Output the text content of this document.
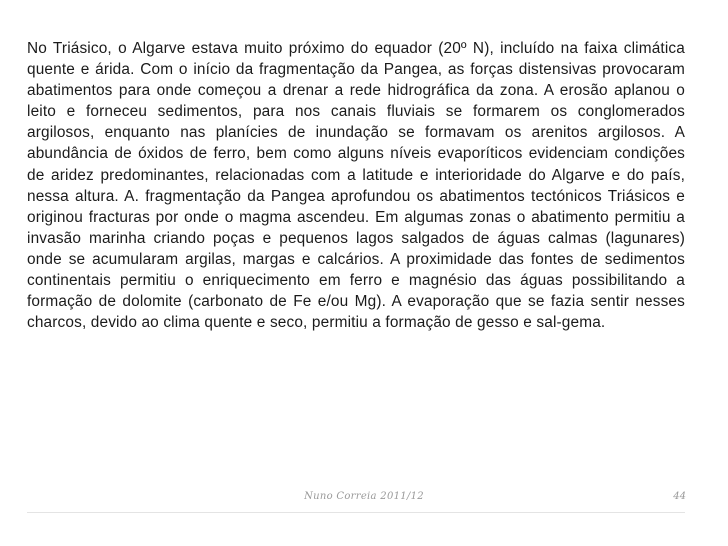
No Triásico, o Algarve estava muito próximo do equador (20º N), incluído na faixa climática quente e árida. Com o início da fragmentação da Pangea, as forças distensivas provocaram abatimentos para onde começou a drenar a rede hidrográfica da zona. A erosão aplanou o leito e forneceu sedimentos, para nos canais fluviais se formarem os conglomerados argilosos, enquanto nas planícies de inundação se formavam os arenitos argilosos. A abundância de óxidos de ferro, bem como alguns níveis evaporíticos evidenciam condições de aridez predominantes, relacionadas com a latitude e interioridade do Algarve e do país, nessa altura. A. fragmentação da Pangea aprofundou os abatimentos tectónicos Triásicos e originou fracturas por onde o magma ascendeu. Em algumas zonas o abatimento permitiu a invasão marinha criando poças e pequenos lagos salgados de águas calmas (lagunares) onde se acumularam argilas, margas e calcários. A proximidade das fontes de sedimentos continentais permitiu o enriquecimento em ferro e magnésio das águas possibilitando a formação de dolomite (carbonato de Fe e/ou Mg). A evaporação que se fazia sentir nesses charcos, devido ao clima quente e seco, permitiu a formação de gesso e sal-gema.

Nuno Correia 2011/12	44
